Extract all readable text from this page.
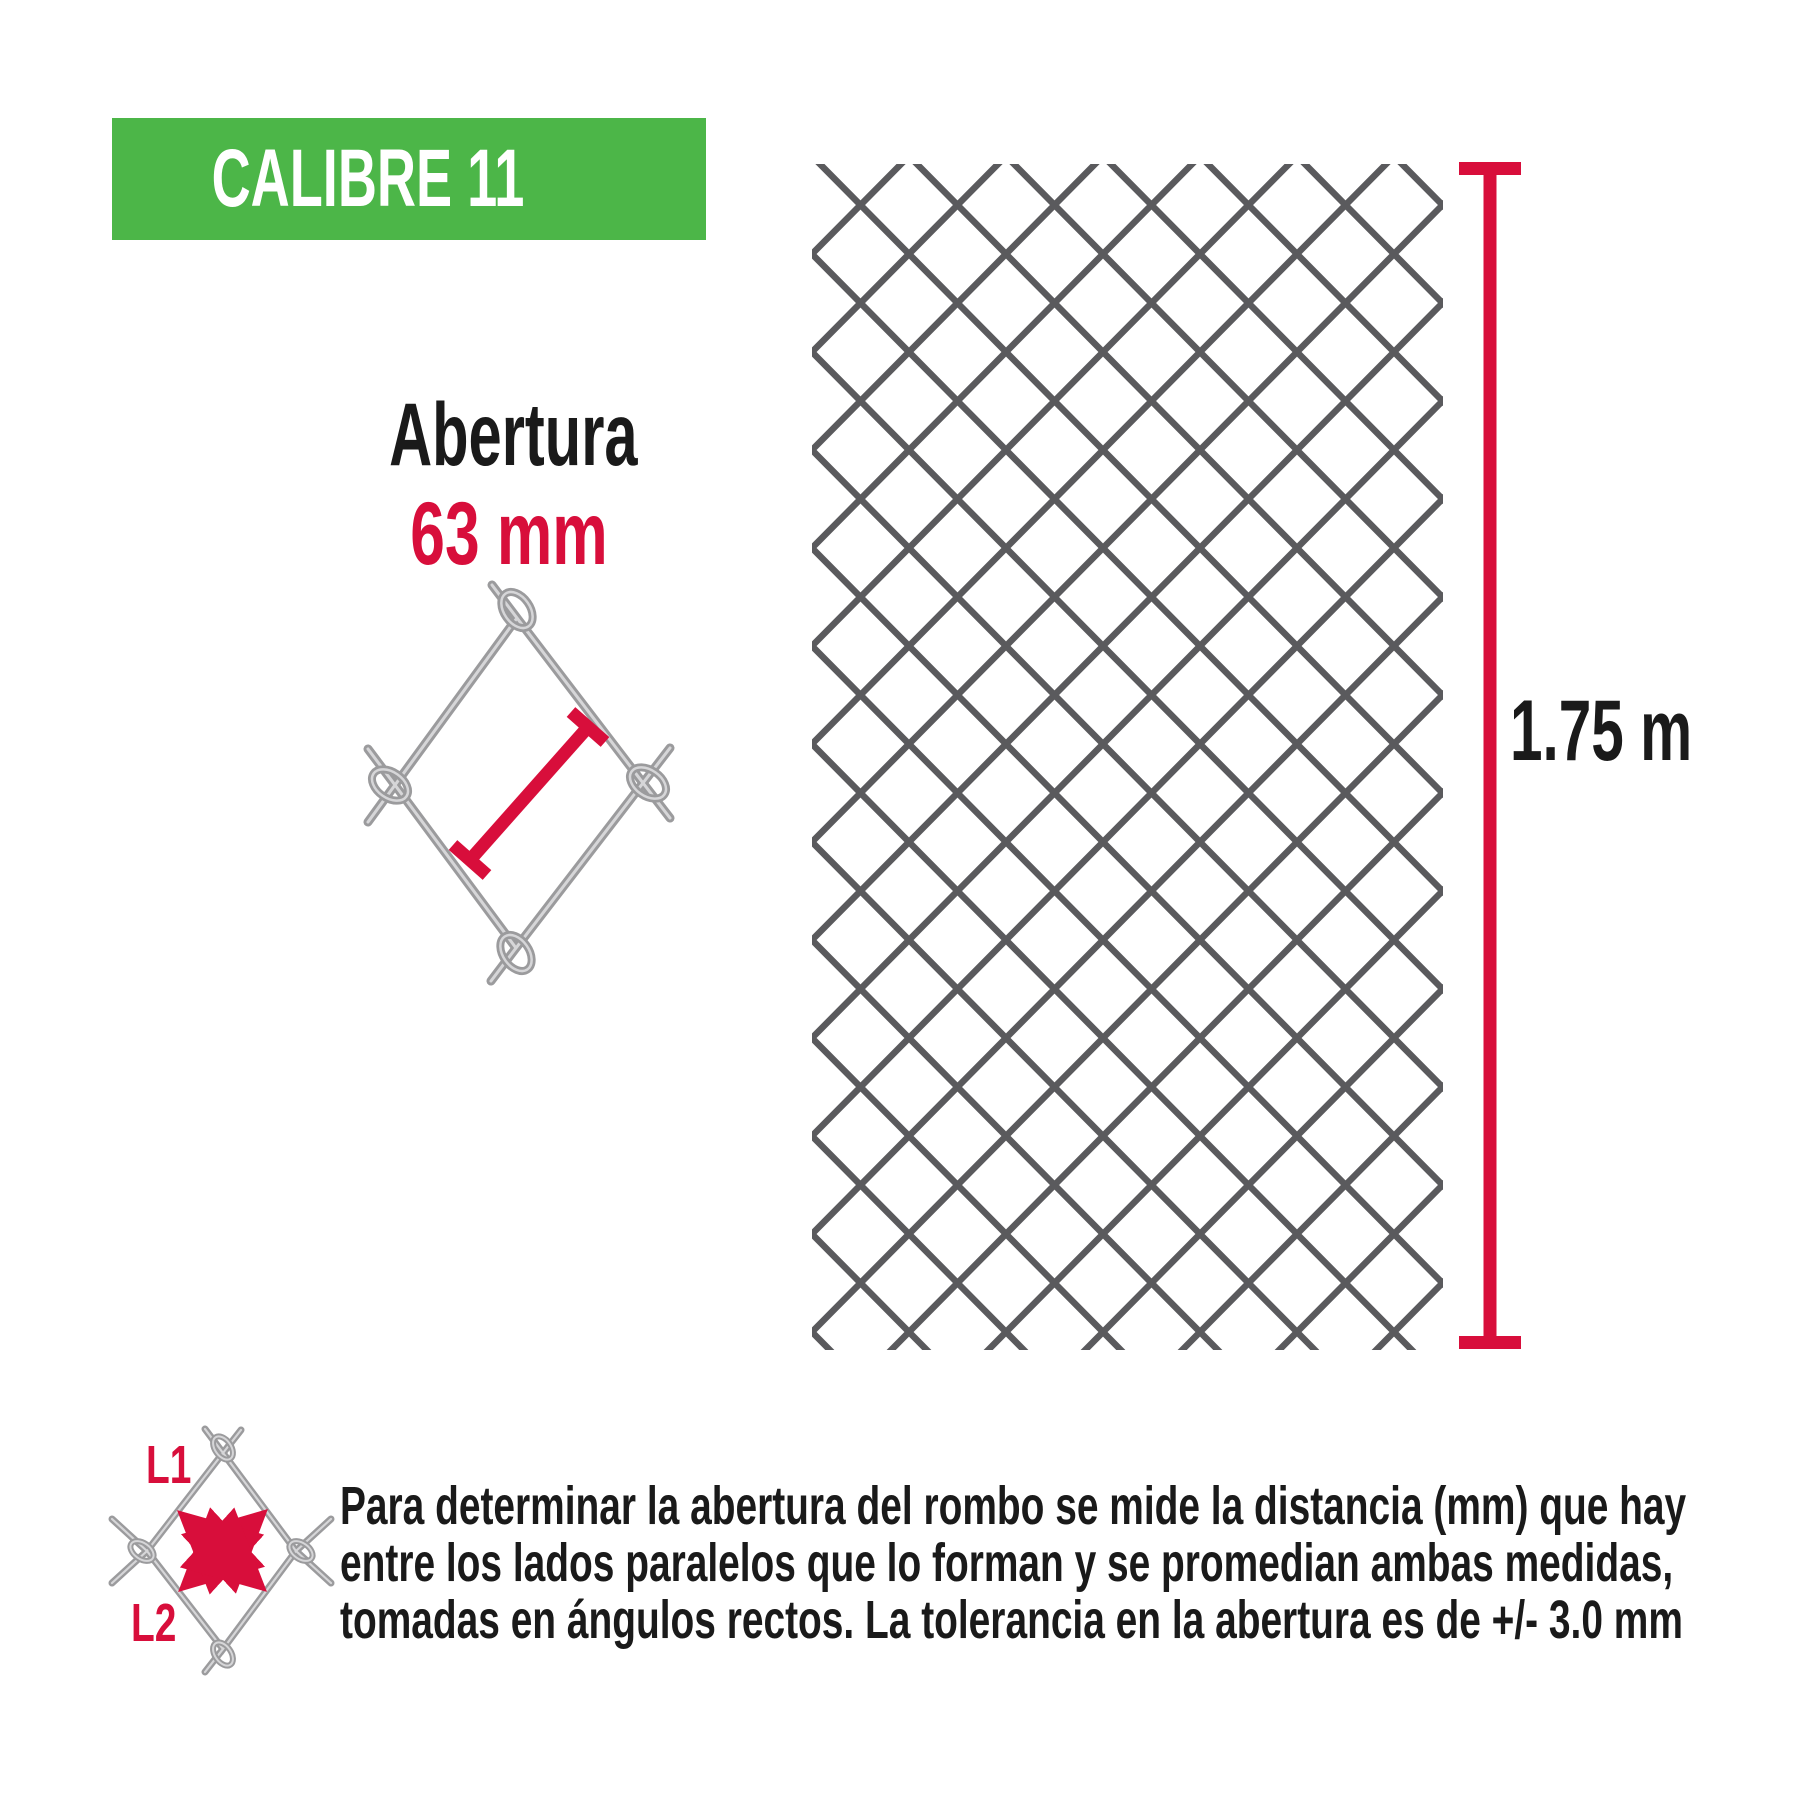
CALIBRE 11
Abertura
63 mm
1.75 m
L1
L2
Para determinar la abertura del rombo se mide la distancia (mm) que hay
entre los lados paralelos que lo forman y se promedian ambas medidas,
tomadas en ángulos rectos. La tolerancia en la abertura es de +/- 3.0 mm
